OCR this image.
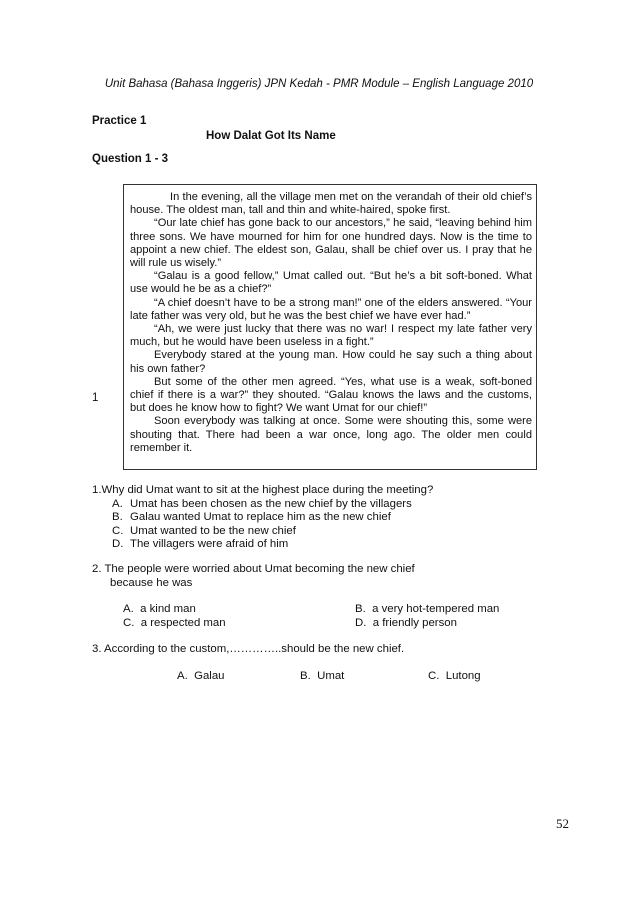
Unit Bahasa (Bahasa Inggeris) JPN Kedah - PMR Module – English Language 2010
Practice 1
How Dalat Got Its Name
Question 1 - 3
1

In the evening, all the village men met on the verandah of their old chief’s house. The oldest man, tall and thin and white-haired, spoke first.

“Our late chief has gone back to our ancestors,” he said, “leaving behind him three sons. We have mourned for him for one hundred days. Now is the time to appoint a new chief. The eldest son, Galau, shall be chief over us. I pray that he will rule us wisely.”

“Galau is a good fellow,” Umat called out. “But he’s a bit soft-boned. What use would he be as a chief?”

“A chief doesn’t have to be a strong man!” one of the elders answered. “Your late father was very old, but he was the best chief we have ever had.”

“Ah, we were just lucky that there was no war! I respect my late father very much, but he would have been useless in a fight.”

Everybody stared at the young man. How could he say such a thing about his own father?

But some of the other men agreed. “Yes, what use is a weak, soft-boned chief if there is a war?” they shouted. “Galau knows the laws and the customs, but does he know how to fight? We want Umat for our chief!”

Soon everybody was talking at once. Some were shouting this, some were shouting that. There had been a war once, long ago. The older men could remember it.

1.Why did Umat want to sit at the highest place during the meeting?
A. Umat has been chosen as the new chief by the villagers
B. Galau wanted Umat to replace him as the new chief
C. Umat wanted to be the new chief
D. The villagers were afraid of him
2. The people were worried about Umat becoming the new chief
because he was
A. a kind man	B. a very hot-tempered man
C. a respected man	D. a friendly person
3. According to the custom,…………..should be the new chief.
A. Galau	B. Umat	C. Lutong
52
